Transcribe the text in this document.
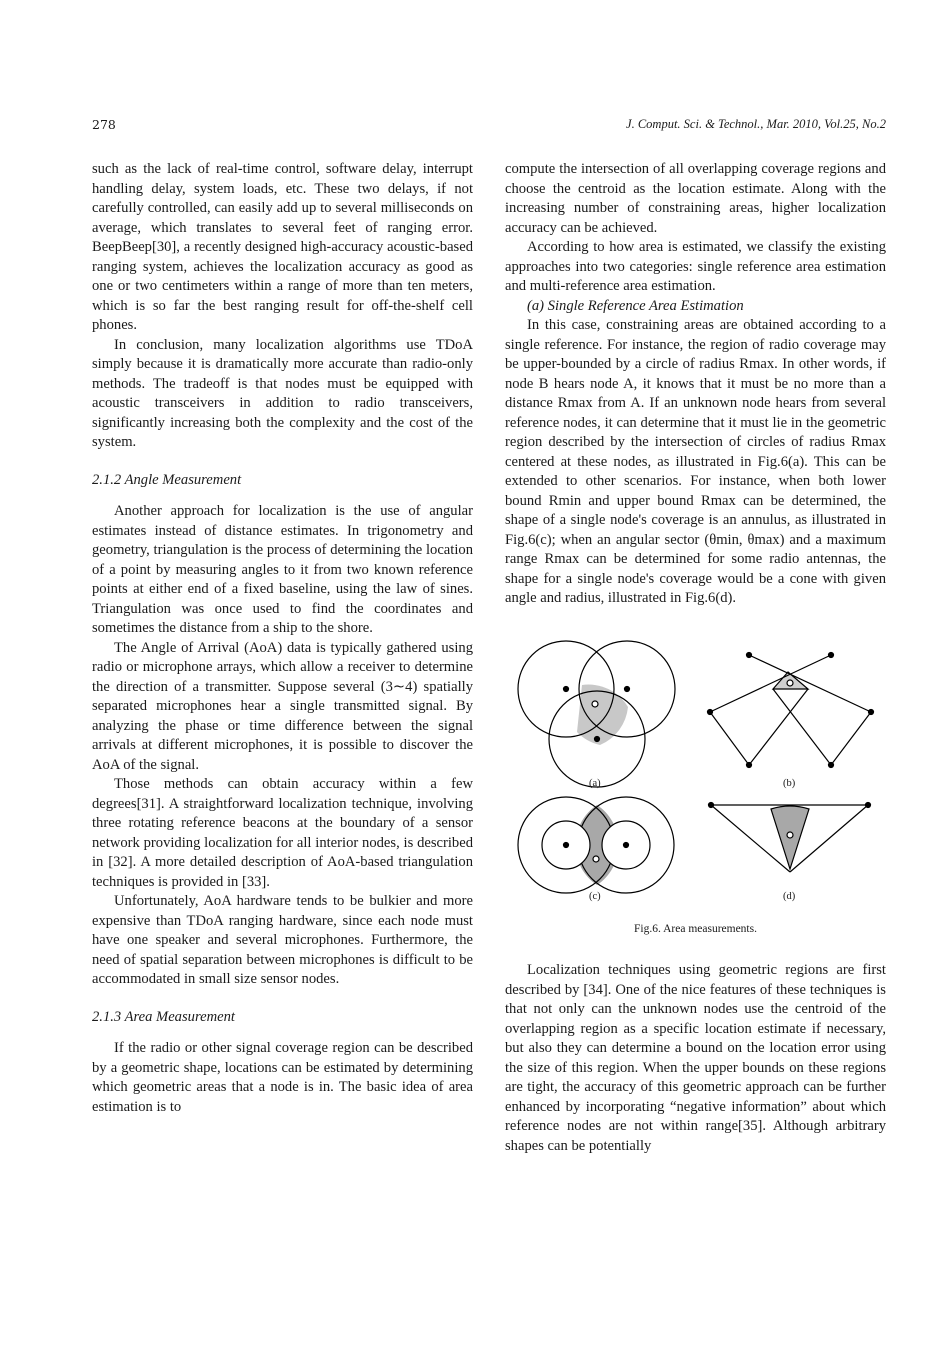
278	J. Comput. Sci. & Technol., Mar. 2010, Vol.25, No.2

such as the lack of real-time control, software delay, interrupt handling delay, system loads, etc. These two delays, if not carefully controlled, can easily add up to several milliseconds on average, which translates to several feet of ranging error. BeepBeep[30], a recently designed high-accuracy acoustic-based ranging system, achieves the localization accuracy as good as one or two centimeters within a range of more than ten meters, which is so far the best ranging result for off-the-shelf cell phones.

In conclusion, many localization algorithms use TDoA simply because it is dramatically more accurate than radio-only methods. The tradeoff is that nodes must be equipped with acoustic transceivers in addition to radio transceivers, significantly increasing both the complexity and the cost of the system.

2.1.2 Angle Measurement

Another approach for localization is the use of angular estimates instead of distance estimates. In trigonometry and geometry, triangulation is the process of determining the location of a point by measuring angles to it from two known reference points at either end of a fixed baseline, using the law of sines. Triangulation was once used to find the coordinates and sometimes the distance from a ship to the shore.

The Angle of Arrival (AoA) data is typically gathered using radio or microphone arrays, which allow a receiver to determine the direction of a transmitter. Suppose several (3∼4) spatially separated microphones hear a single transmitted signal. By analyzing the phase or time difference between the signal arrivals at different microphones, it is possible to discover the AoA of the signal.

Those methods can obtain accuracy within a few degrees[31]. A straightforward localization technique, involving three rotating reference beacons at the boundary of a sensor network providing localization for all interior nodes, is described in [32]. A more detailed description of AoA-based triangulation techniques is provided in [33].

Unfortunately, AoA hardware tends to be bulkier and more expensive than TDoA ranging hardware, since each node must have one speaker and several microphones. Furthermore, the need of spatial separation between microphones is difficult to be accommodated in small size sensor nodes.

2.1.3 Area Measurement

If the radio or other signal coverage region can be described by a geometric shape, locations can be estimated by determining which geometric areas that a node is in. The basic idea of area estimation is to

compute the intersection of all overlapping coverage regions and choose the centroid as the location estimate. Along with the increasing number of constraining areas, higher localization accuracy can be achieved.

According to how area is estimated, we classify the existing approaches into two categories: single reference area estimation and multi-reference area estimation.

(a) Single Reference Area Estimation

In this case, constraining areas are obtained according to a single reference. For instance, the region of radio coverage may be upper-bounded by a circle of radius Rmax. In other words, if node B hears node A, it knows that it must be no more than a distance Rmax from A. If an unknown node hears from several reference nodes, it can determine that it must lie in the geometric region described by the intersection of circles of radius Rmax centered at these nodes, as illustrated in Fig.6(a). This can be extended to other scenarios. For instance, when both lower bound Rmin and upper bound Rmax can be determined, the shape of a single node's coverage is an annulus, as illustrated in Fig.6(c); when an angular sector (θmin, θmax) and a maximum range Rmax can be determined for some radio antennas, the shape for a single node's coverage would be a cone with given angle and radius, illustrated in Fig.6(d).

(a)	(b)
(c)	(d)
Fig.6. Area measurements.

Localization techniques using geometric regions are first described by [34]. One of the nice features of these techniques is that not only can the unknown nodes use the centroid of the overlapping region as a specific location estimate if necessary, but also they can determine a bound on the location error using the size of this region. When the upper bounds on these regions are tight, the accuracy of this geometric approach can be further enhanced by incorporating “negative information” about which reference nodes are not within range[35]. Although arbitrary shapes can be potentially
